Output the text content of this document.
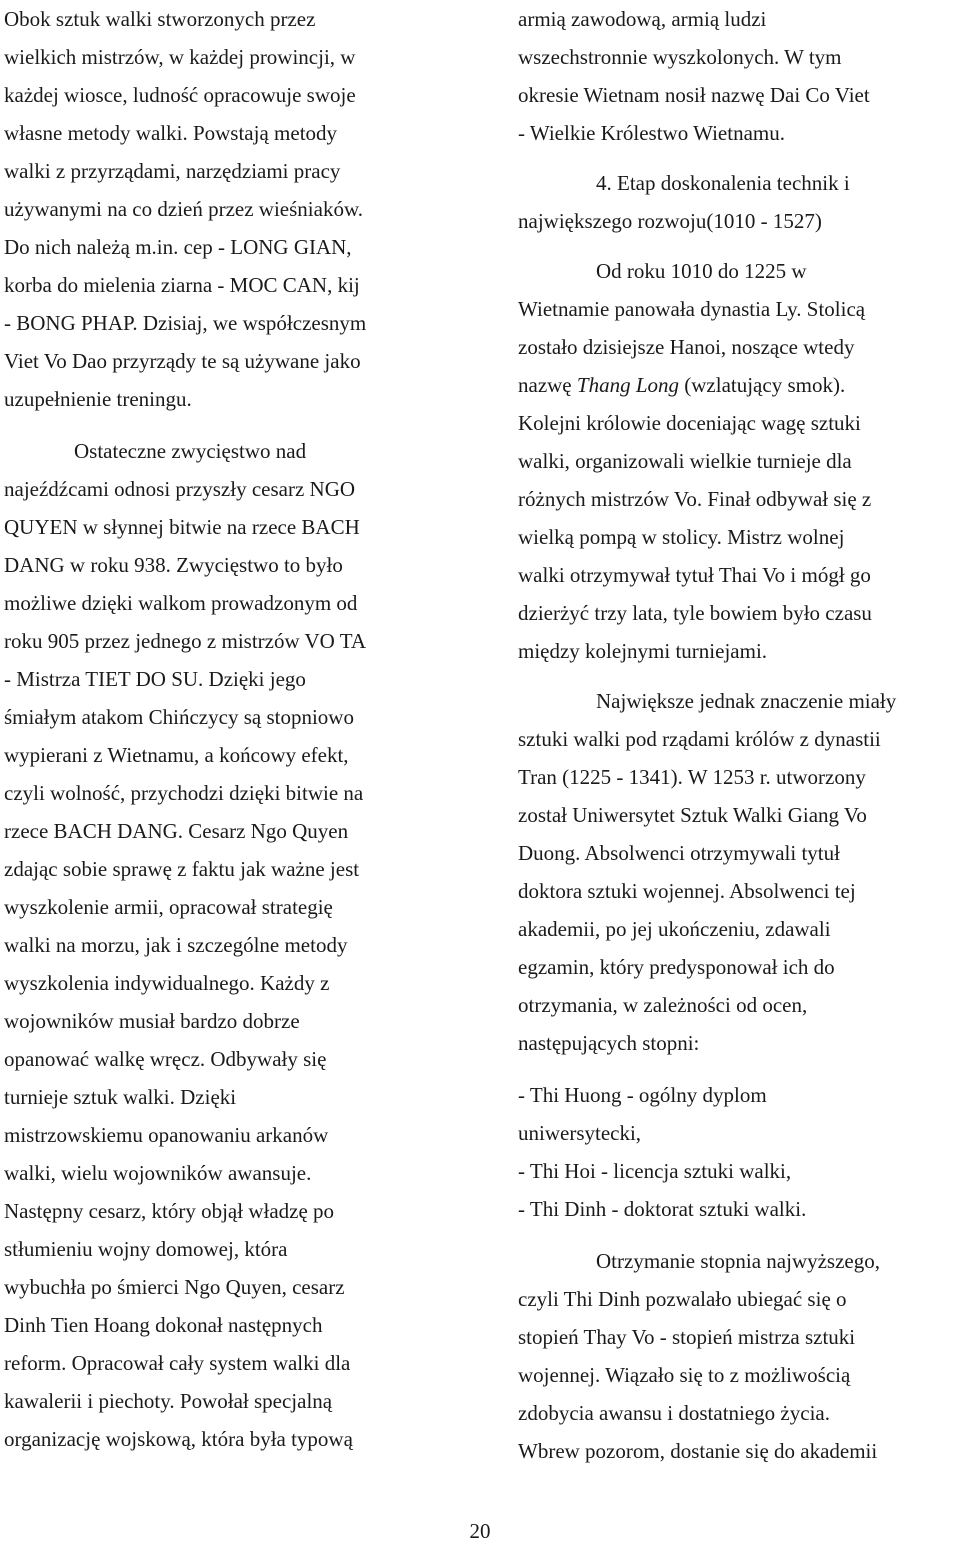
Obok sztuk walki stworzonych przez
wielkich mistrzów, w każdej prowincji, w
każdej wiosce, ludność opracowuje swoje
własne metody walki. Powstają metody
walki z przyrządami, narzędziami pracy
używanymi na co dzień przez wieśniaków.
Do nich należą m.in. cep - LONG GIAN,
korba do mielenia ziarna - MOC CAN, kij
- BONG PHAP. Dzisiaj, we współczesnym
Viet Vo Dao przyrządy te są używane jako
uzupełnienie treningu.
Ostateczne zwycięstwo nad
najeźdźcami odnosi przyszły cesarz NGO
QUYEN w słynnej bitwie na rzece BACH
DANG w roku 938. Zwycięstwo to było
możliwe dzięki walkom prowadzonym od
roku 905 przez jednego z mistrzów VO TA
- Mistrza TIET DO SU. Dzięki jego
śmiałym atakom Chińczycy są stopniowo
wypierani z Wietnamu, a końcowy efekt,
czyli wolność, przychodzi dzięki bitwie na
rzece BACH DANG. Cesarz Ngo Quyen
zdając sobie sprawę z faktu jak ważne jest
wyszkolenie armii, opracował strategię
walki na morzu, jak i szczególne metody
wyszkolenia indywidualnego. Każdy z
wojowników musiał bardzo dobrze
opanować walkę wręcz. Odbywały się
turnieje sztuk walki. Dzięki
mistrzowskiemu opanowaniu arkanów
walki, wielu wojowników awansuje.
Następny cesarz, który objął władzę po
stłumieniu wojny domowej, która
wybuchła po śmierci Ngo Quyen, cesarz
Dinh Tien Hoang dokonał następnych
reform. Opracował cały system walki dla
kawalerii i piechoty. Powołał specjalną
organizację wojskową, która była typową
armią zawodową, armią ludzi
wszechstronnie wyszkolonych. W tym
okresie Wietnam nosił nazwę Dai Co Viet
- Wielkie Królestwo Wietnamu.
4. Etap doskonalenia technik i
największego rozwoju(1010 - 1527)
Od roku 1010 do 1225 w
Wietnamie panowała dynastia Ly. Stolicą
zostało dzisiejsze Hanoi, noszące wtedy
nazwę Thang Long (wzlatujący smok).
Kolejni królowie doceniając wagę sztuki
walki, organizowali wielkie turnieje dla
różnych mistrzów Vo. Finał odbywał się z
wielką pompą w stolicy. Mistrz wolnej
walki otrzymywał tytuł Thai Vo i mógł go
dzierżyć trzy lata, tyle bowiem było czasu
między kolejnymi turniejami.
Największe jednak znaczenie miały
sztuki walki pod rządami królów z dynastii
Tran (1225 - 1341). W 1253 r. utworzony
został Uniwersytet Sztuk Walki Giang Vo
Duong. Absolwenci otrzymywali tytuł
doktora sztuki wojennej. Absolwenci tej
akademii, po jej ukończeniu, zdawali
egzamin, który predysponował ich do
otrzymania, w zależności od ocen,
następujących stopni:
- Thi Huong - ogólny dyplom
uniwersytecki,
- Thi Hoi - licencja sztuki walki,
- Thi Dinh - doktorat sztuki walki.
Otrzymanie stopnia najwyższego,
czyli Thi Dinh pozwalało ubiegać się o
stopień Thay Vo - stopień mistrza sztuki
wojennej. Wiązało się to z możliwością
zdobycia awansu i dostatniego życia.
Wbrew pozorom, dostanie się do akademii
20
